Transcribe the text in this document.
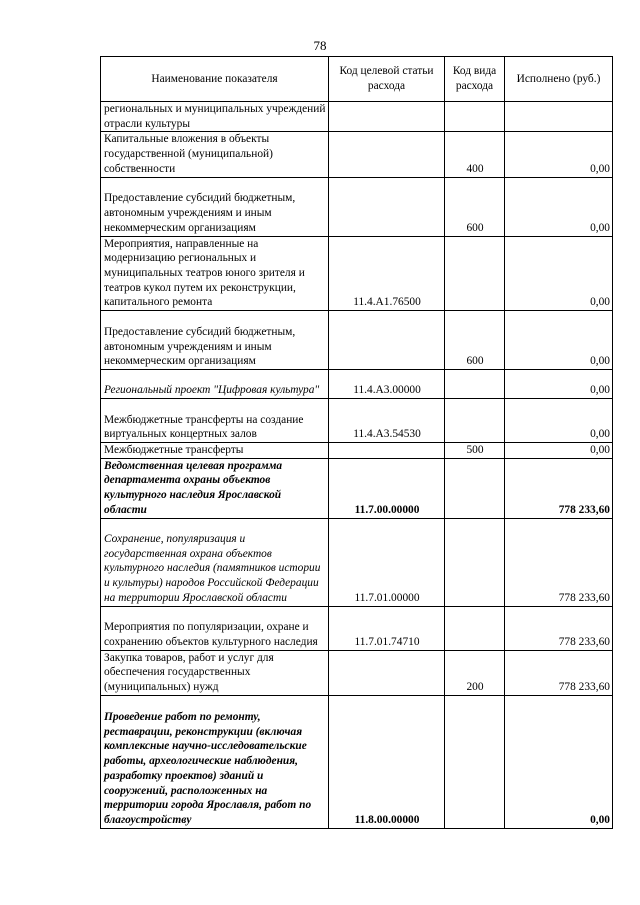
78
Наименование показателя	Код целевой статьи расхода	Код вида расхода	Исполнено (руб.)
региональных и муниципальных учреждений отрасли культуры			
Капитальные вложения в объекты государственной (муниципальной) собственности		400	0,00
Предоставление субсидий бюджетным, автономным учреждениям и иным некоммерческим организациям		600	0,00
Мероприятия, направленные на модернизацию региональных и муниципальных театров юного зрителя и театров кукол путем их реконструкции, капитального ремонта	11.4.А1.76500		0,00
Предоставление субсидий бюджетным, автономным учреждениям и иным некоммерческим организациям		600	0,00
Региональный проект "Цифровая культура"	11.4.А3.00000		0,00
Межбюджетные трансферты на создание виртуальных концертных залов	11.4.А3.54530		0,00
Межбюджетные трансферты		500	0,00
Ведомственная целевая программа департамента охраны объектов культурного наследия Ярославской области	11.7.00.00000		778 233,60
Сохранение, популяризация и государственная охрана объектов культурного наследия (памятников истории и культуры) народов Российской Федерации на территории Ярославской области	11.7.01.00000		778 233,60
Мероприятия по популяризации, охране и сохранению объектов культурного наследия	11.7.01.74710		778 233,60
Закупка товаров, работ и услуг для обеспечения государственных (муниципальных) нужд		200	778 233,60
Проведение работ по ремонту, реставрации, реконструкции (включая комплексные научно-исследовательские работы, археологические наблюдения, разработку проектов) зданий и сооружений, расположенных на территории города Ярославля, работ по благоустройству	11.8.00.00000		0,00
